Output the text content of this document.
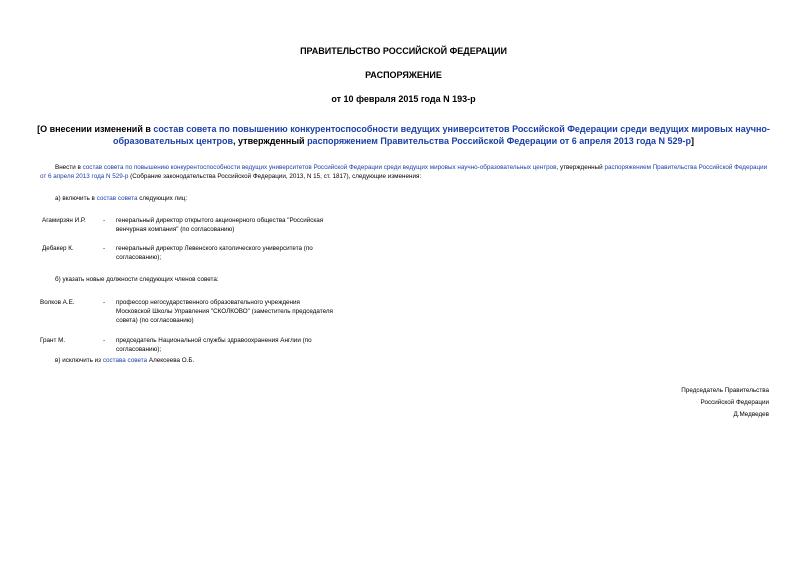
ПРАВИТЕЛЬСТВО РОССИЙСКОЙ ФЕДЕРАЦИИ
РАСПОРЯЖЕНИЕ
от 10 февраля 2015 года N 193-р
[О внесении изменений в состав совета по повышению конкурентоспособности ведущих университетов Российской Федерации среди ведущих мировых научно-образовательных центров, утвержденный распоряжением Правительства Российской Федерации от 6 апреля 2013 года N 529-р]
Внести в состав совета по повышению конкурентоспособности ведущих университетов Российской Федерации среди ведущих мировых научно-образовательных центров, утвержденный распоряжением Правительства Российской Федерации от 6 апреля 2013 года N 529-р (Собрание законодательства Российской Федерации, 2013, N 15, ст. 1817), следующие изменения:
а) включить в состав совета следующих лиц:
Агамирзян И.Р.	- генеральный директор открытого акционерного общества "Российская венчурная компания" (по согласованию)
Дебакер К.	- генеральный директор Левенского католического университета (по согласованию);
б) указать новые должности следующих членов совета:
Волков А.Е.	- профессор негосударственного образовательного учреждения Московской Школы Управления "СКОЛКОВО" (заместитель председателя совета) (по согласованию)
Грант М.	- председатель Национальной службы здравоохранения Англии (по согласованию);
в) исключить из состава совета Алексеева О.Б.
Председатель Правительства
Российской Федерации
Д.Медведев
